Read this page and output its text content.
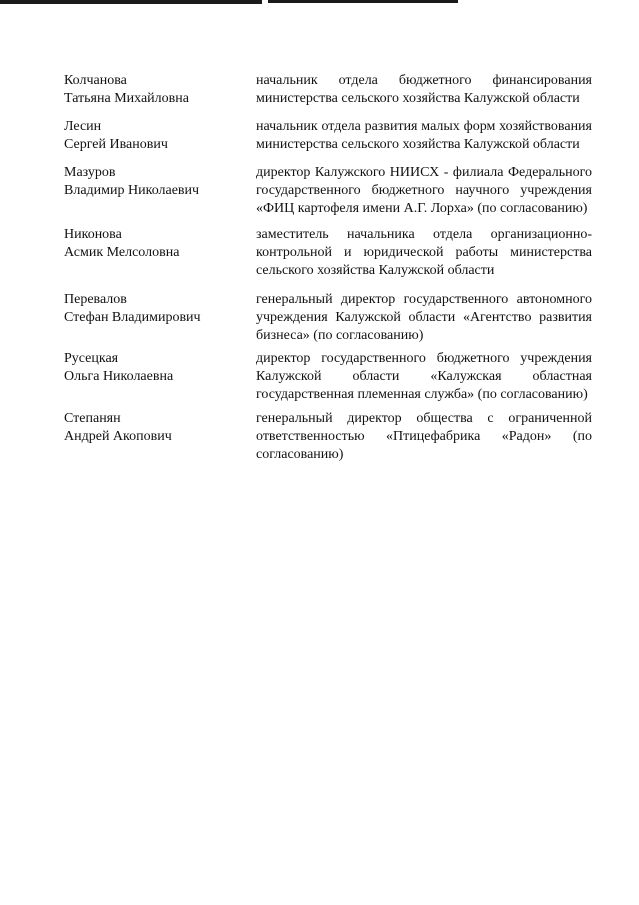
Колчанова
Татьяна Михайловна
начальник отдела бюджетного финансирования министерства сельского хозяйства Калужской области
Лесин
Сергей Иванович
начальник отдела развития малых форм хозяйствования министерства сельского хозяйства Калужской области
Мазуров
Владимир Николаевич
директор Калужского НИИСХ - филиала Федерального государственного бюджетного научного учреждения «ФИЦ картофеля имени А.Г. Лорха» (по согласованию)
Никонова
Асмик Мелсоловна
заместитель начальника отдела организационно-контрольной и юридической работы министерства сельского хозяйства Калужской области
Перевалов
Стефан Владимирович
генеральный директор государственного автономного учреждения Калужской области «Агентство развития бизнеса» (по согласованию)
Русецкая
Ольга Николаевна
директор государственного бюджетного учреждения Калужской области «Калужская областная государственная племенная служба» (по согласованию)
Степанян
Андрей Акопович
генеральный директор общества с ограниченной ответственностью «Птицефабрика «Радон» (по согласованию)
